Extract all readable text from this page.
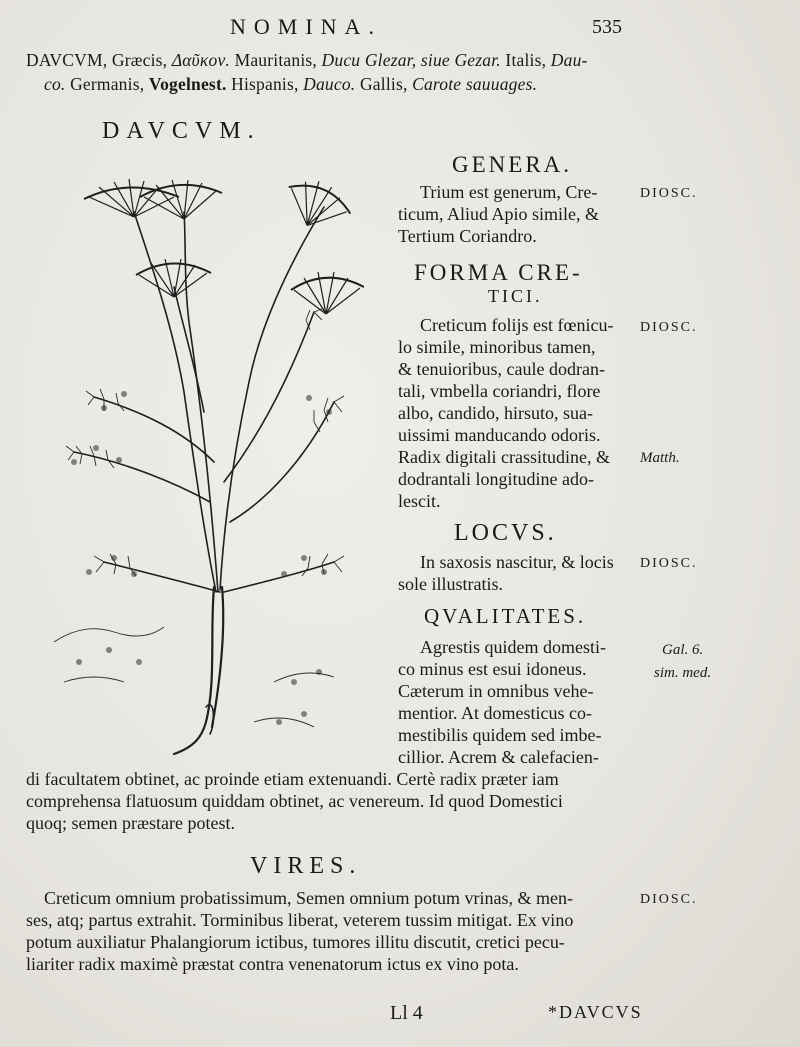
NOMINA.	535
DAVCVM, Græcis, Δαῦκον. Mauritanis, Ducu Glezar, siue Gezar. Italis, Dau-
co. Germanis, Vogelnest. Hispanis, Dauco. Gallis, Carote sauuages.
DAVCVM.
GENERA.
Trium est generum, Cre-
ticum, Aliud Apio simile, &
Tertium Coriandro.
DIOSC.
FORMA CRE-
TICI.
Creticum folijs est fœnicu-
lo simile, minoribus tamen,
& tenuioribus, caule dodran-
tali, vmbella coriandri, flore
albo, candido, hirsuto, sua-
uissimi manducando odoris.
Radix digitali crassitudine, &
dodrantali longitudine ado-
lescit.
DIOSC.
Matth.
LOCVS.
In saxosis nascitur, & locis
sole illustratis.
DIOSC.
QVALITATES.
Agrestis quidem domesti-
co minus est esui idoneus.
Cæterum in omnibus vehe-
mentior. At domesticus co-
mestibilis quidem sed imbe-
cillior. Acrem & calefacien-
Gal. 6.
sim. med.
di facultatem obtinet, ac proinde etiam extenuandi. Certè radix præter iam
comprehensa flatuosum quiddam obtinet, ac venereum. Id quod Domestici
quoq; semen præstare potest.
VIRES.
Creticum omnium probatissimum, Semen omnium potum vrinas, & men-
ses, atq; partus extrahit. Torminibus liberat, veterem tussim mitigat. Ex vino
potum auxiliatur Phalangiorum ictibus, tumores illitu discutit, cretici pecu-
liariter radix maximè præstat contra venenatorum ictus ex vino pota.
DIOSC.
Ll 4	*DAVCVS
